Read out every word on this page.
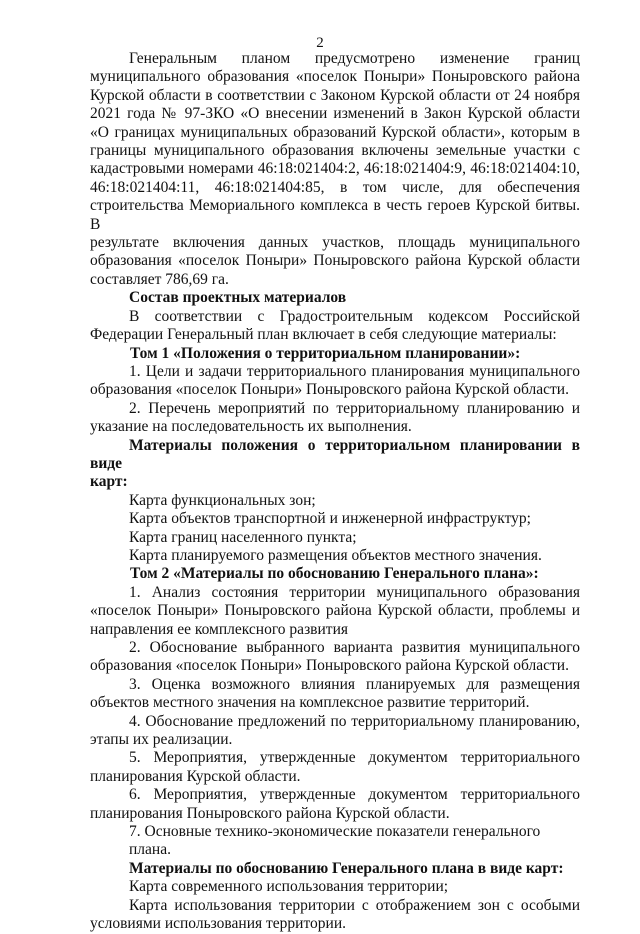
2

Генеральным планом предусмотрено изменение границ

муниципального образования «поселок Поныри» Поныровского района

Курской области в соответствии с Законом Курской области от 24 ноября

2021 года № 97-ЗКО «О внесении изменений в Закон Курской области

«О границах муниципальных образований Курской области», которым в

границы муниципального образования включены земельные участки с

кадастровыми номерами 46:18:021404:2, 46:18:021404:9, 46:18:021404:10,

46:18:021404:11, 46:18:021404:85, в том числе, для обеспечения

строительства Мемориального комплекса в честь героев Курской битвы. В

результате включения данных участков, площадь муниципального

образования «поселок Поныри» Поныровского района Курской области

составляет 786,69 га.

Состав проектных материалов

В соответствии с Градостроительным кодексом Российской

Федерации Генеральный план включает в себя следующие материалы:

Том 1 «Положения о территориальном планировании»:

1. Цели и задачи территориального планирования муниципального

образования «поселок Поныри» Поныровского района Курской области.

2. Перечень мероприятий по территориальному планированию и

указание на последовательность их выполнения.

Материалы положения о территориальном планировании в виде

карт:

Карта функциональных зон;

Карта объектов транспортной и инженерной инфраструктур;

Карта границ населенного пункта;

Карта планируемого размещения объектов местного значения.

Том 2 «Материалы по обоснованию Генерального плана»:

1. Анализ состояния территории муниципального образования

«поселок Поныри» Поныровского района Курской области, проблемы и

направления ее комплексного развития

2. Обоснование выбранного варианта развития муниципального

образования «поселок Поныри» Поныровского района Курской области.

3. Оценка возможного влияния планируемых для размещения

объектов местного значения на комплексное развитие территорий.

4. Обоснование предложений по территориальному планированию,

этапы их реализации.

5. Мероприятия, утвержденные документом территориального

планирования Курской области.

6. Мероприятия, утвержденные документом территориального

планирования Поныровского района Курской области.

7. Основные технико-экономические показатели генерального плана.

Материалы по обоснованию Генерального плана в виде карт:

Карта современного использования территории;

Карта использования территории с отображением зон с особыми

условиями использования территории.
